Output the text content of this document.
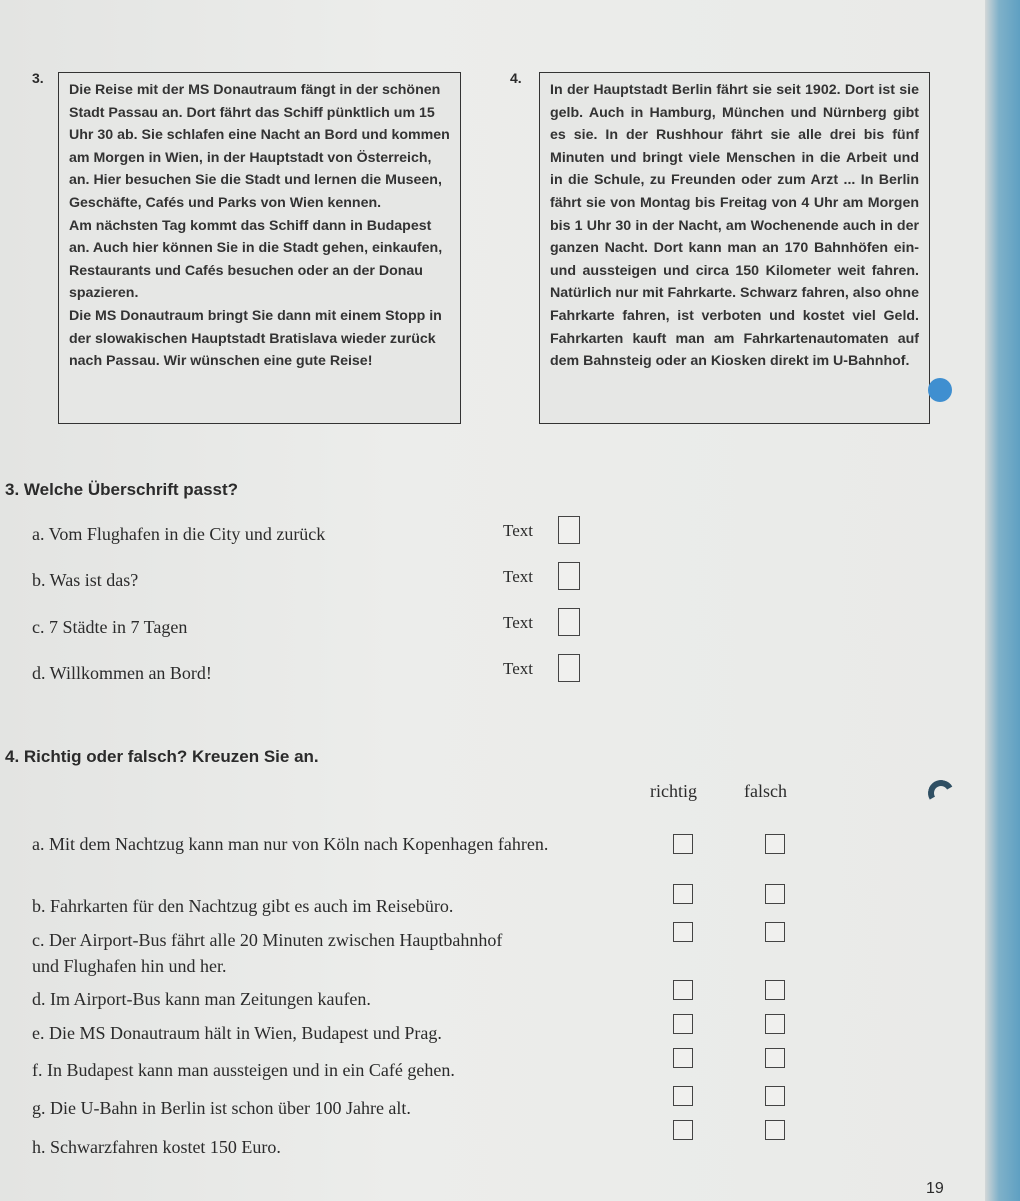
3.

Die Reise mit der MS Donautraum fängt in der schönen Stadt Passau an. Dort fährt das Schiff pünktlich um 15 Uhr 30 ab. Sie schlafen eine Nacht an Bord und kommen am Morgen in Wien, in der Hauptstadt von Österreich, an. Hier besuchen Sie die Stadt und lernen die Museen, Geschäfte, Cafés und Parks von Wien kennen.

Am nächsten Tag kommt das Schiff dann in Budapest an. Auch hier können Sie in die Stadt gehen, einkaufen, Restaurants und Cafés besuchen oder an der Donau spazieren.

Die MS Donautraum bringt Sie dann mit einem Stopp in der slowakischen Hauptstadt Bratislava wieder zurück nach Passau. Wir wünschen eine gute Reise!

4.

In der Hauptstadt Berlin fährt sie seit 1902. Dort ist sie gelb. Auch in Hamburg, München und Nürnberg gibt es sie. In der Rushhour fährt sie alle drei bis fünf Minuten und bringt viele Menschen in die Arbeit und in die Schule, zu Freunden oder zum Arzt ... In Berlin fährt sie von Montag bis Freitag von 4 Uhr am Morgen bis 1 Uhr 30 in der Nacht, am Wochenende auch in der ganzen Nacht. Dort kann man an 170 Bahnhöfen ein- und aussteigen und circa 150 Kilometer weit fahren. Natürlich nur mit Fahrkarte. Schwarz fahren, also ohne Fahrkarte fahren, ist verboten und kostet viel Geld. Fahrkarten kauft man am Fahrkartenautomaten auf dem Bahnsteig oder an Kiosken direkt im U-Bahnhof.

3. Welche Überschrift passt?
a. Vom Flughafen in die City und zurück	Text
b. Was ist das?	Text
c. 7 Städte in 7 Tagen	Text
d. Willkommen an Bord!	Text
4. Richtig oder falsch? Kreuzen Sie an.
richtig	falsch
a. Mit dem Nachtzug kann man nur von Köln nach Kopenhagen fahren.
b. Fahrkarten für den Nachtzug gibt es auch im Reisebüro.
c. Der Airport-Bus fährt alle 20 Minuten zwischen Hauptbahnhof und Flughafen hin und her.
d. Im Airport-Bus kann man Zeitungen kaufen.
e. Die MS Donautraum hält in Wien, Budapest und Prag.
f. In Budapest kann man aussteigen und in ein Café gehen.
g. Die U-Bahn in Berlin ist schon über 100 Jahre alt.
h. Schwarzfahren kostet 150 Euro.
19
